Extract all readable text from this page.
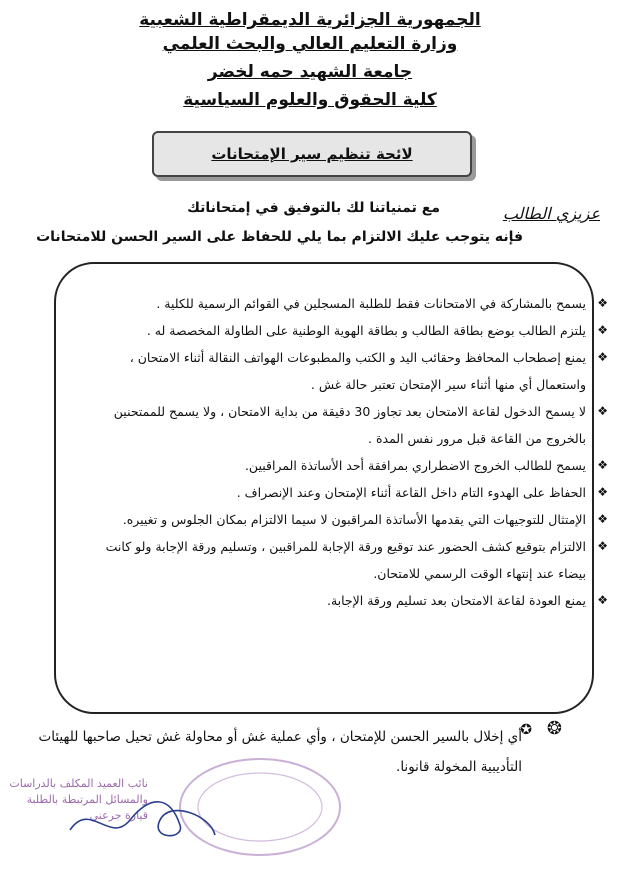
الجمهورية الجزائرية الديمقراطية الشعبية
وزارة التعليم العالي والبحث العلمي
جامعة الشهيد حمه لخضر
كلية الحقوق والعلوم السياسية
لائحة تنظيم سير الإمتحانات
عزيزي الطالب
مع تمنياتنا لك بالتوفيق في إمتحاناتك
فإنه يتوجب عليك الالتزام بما يلي للحفاظ على السير الحسن للامتحانات
❖
يسمح بالمشاركة في الامتحانات فقط للطلبة المسجلين في القوائم الرسمية للكلية .
❖
يلتزم الطالب بوضع بطاقة الطالب و بطاقة الهوية الوطنية على الطاولة المخصصة له .
❖
يمنع إصطحاب المحافظ وحقائب اليد و الكتب والمطبوعات الهواتف النقالة أثناء الامتحان ، واستعمال أي منها أثناء سير الإمتحان تعتبر حالة غش .
❖
لا يسمح الدخول لقاعة الامتحان بعد تجاوز 30 دقيقة من بداية الامتحان ، ولا يسمح للممتحنين بالخروج من القاعة قبل مرور نفس المدة .
❖
يسمح للطالب الخروج الاضطراري بمرافقة أحد الأساتذة المراقبين.
❖
الحفاظ على الهدوء التام داخل القاعة أثناء الإمتحان وعند الإنصراف .
❖
الإمتثال للتوجيهات التي يقدمها الأساتذة المراقبون لا سيما الالتزام بمكان الجلوس و تغييره.
❖
الالتزام بتوقيع كشف الحضور عند توقيع ورقة الإجابة للمراقبين ، وتسليم ورقة الإجابة ولو كانت بيضاء عند إنتهاء الوقت الرسمي للامتحان.
❖
يمنع العودة لقاعة الامتحان بعد تسليم ورقة الإجابة.
❂
✪
أي إخلال بالسير الحسن للإمتحان ، وأي عملية غش أو محاولة غش تحيل صاحبها للهيئات التأديبية المخولة قانونا.
نائب العميد المكلف بالدراسات
والمسائل المرتبطة بالطلبة
قيارة جرعني
